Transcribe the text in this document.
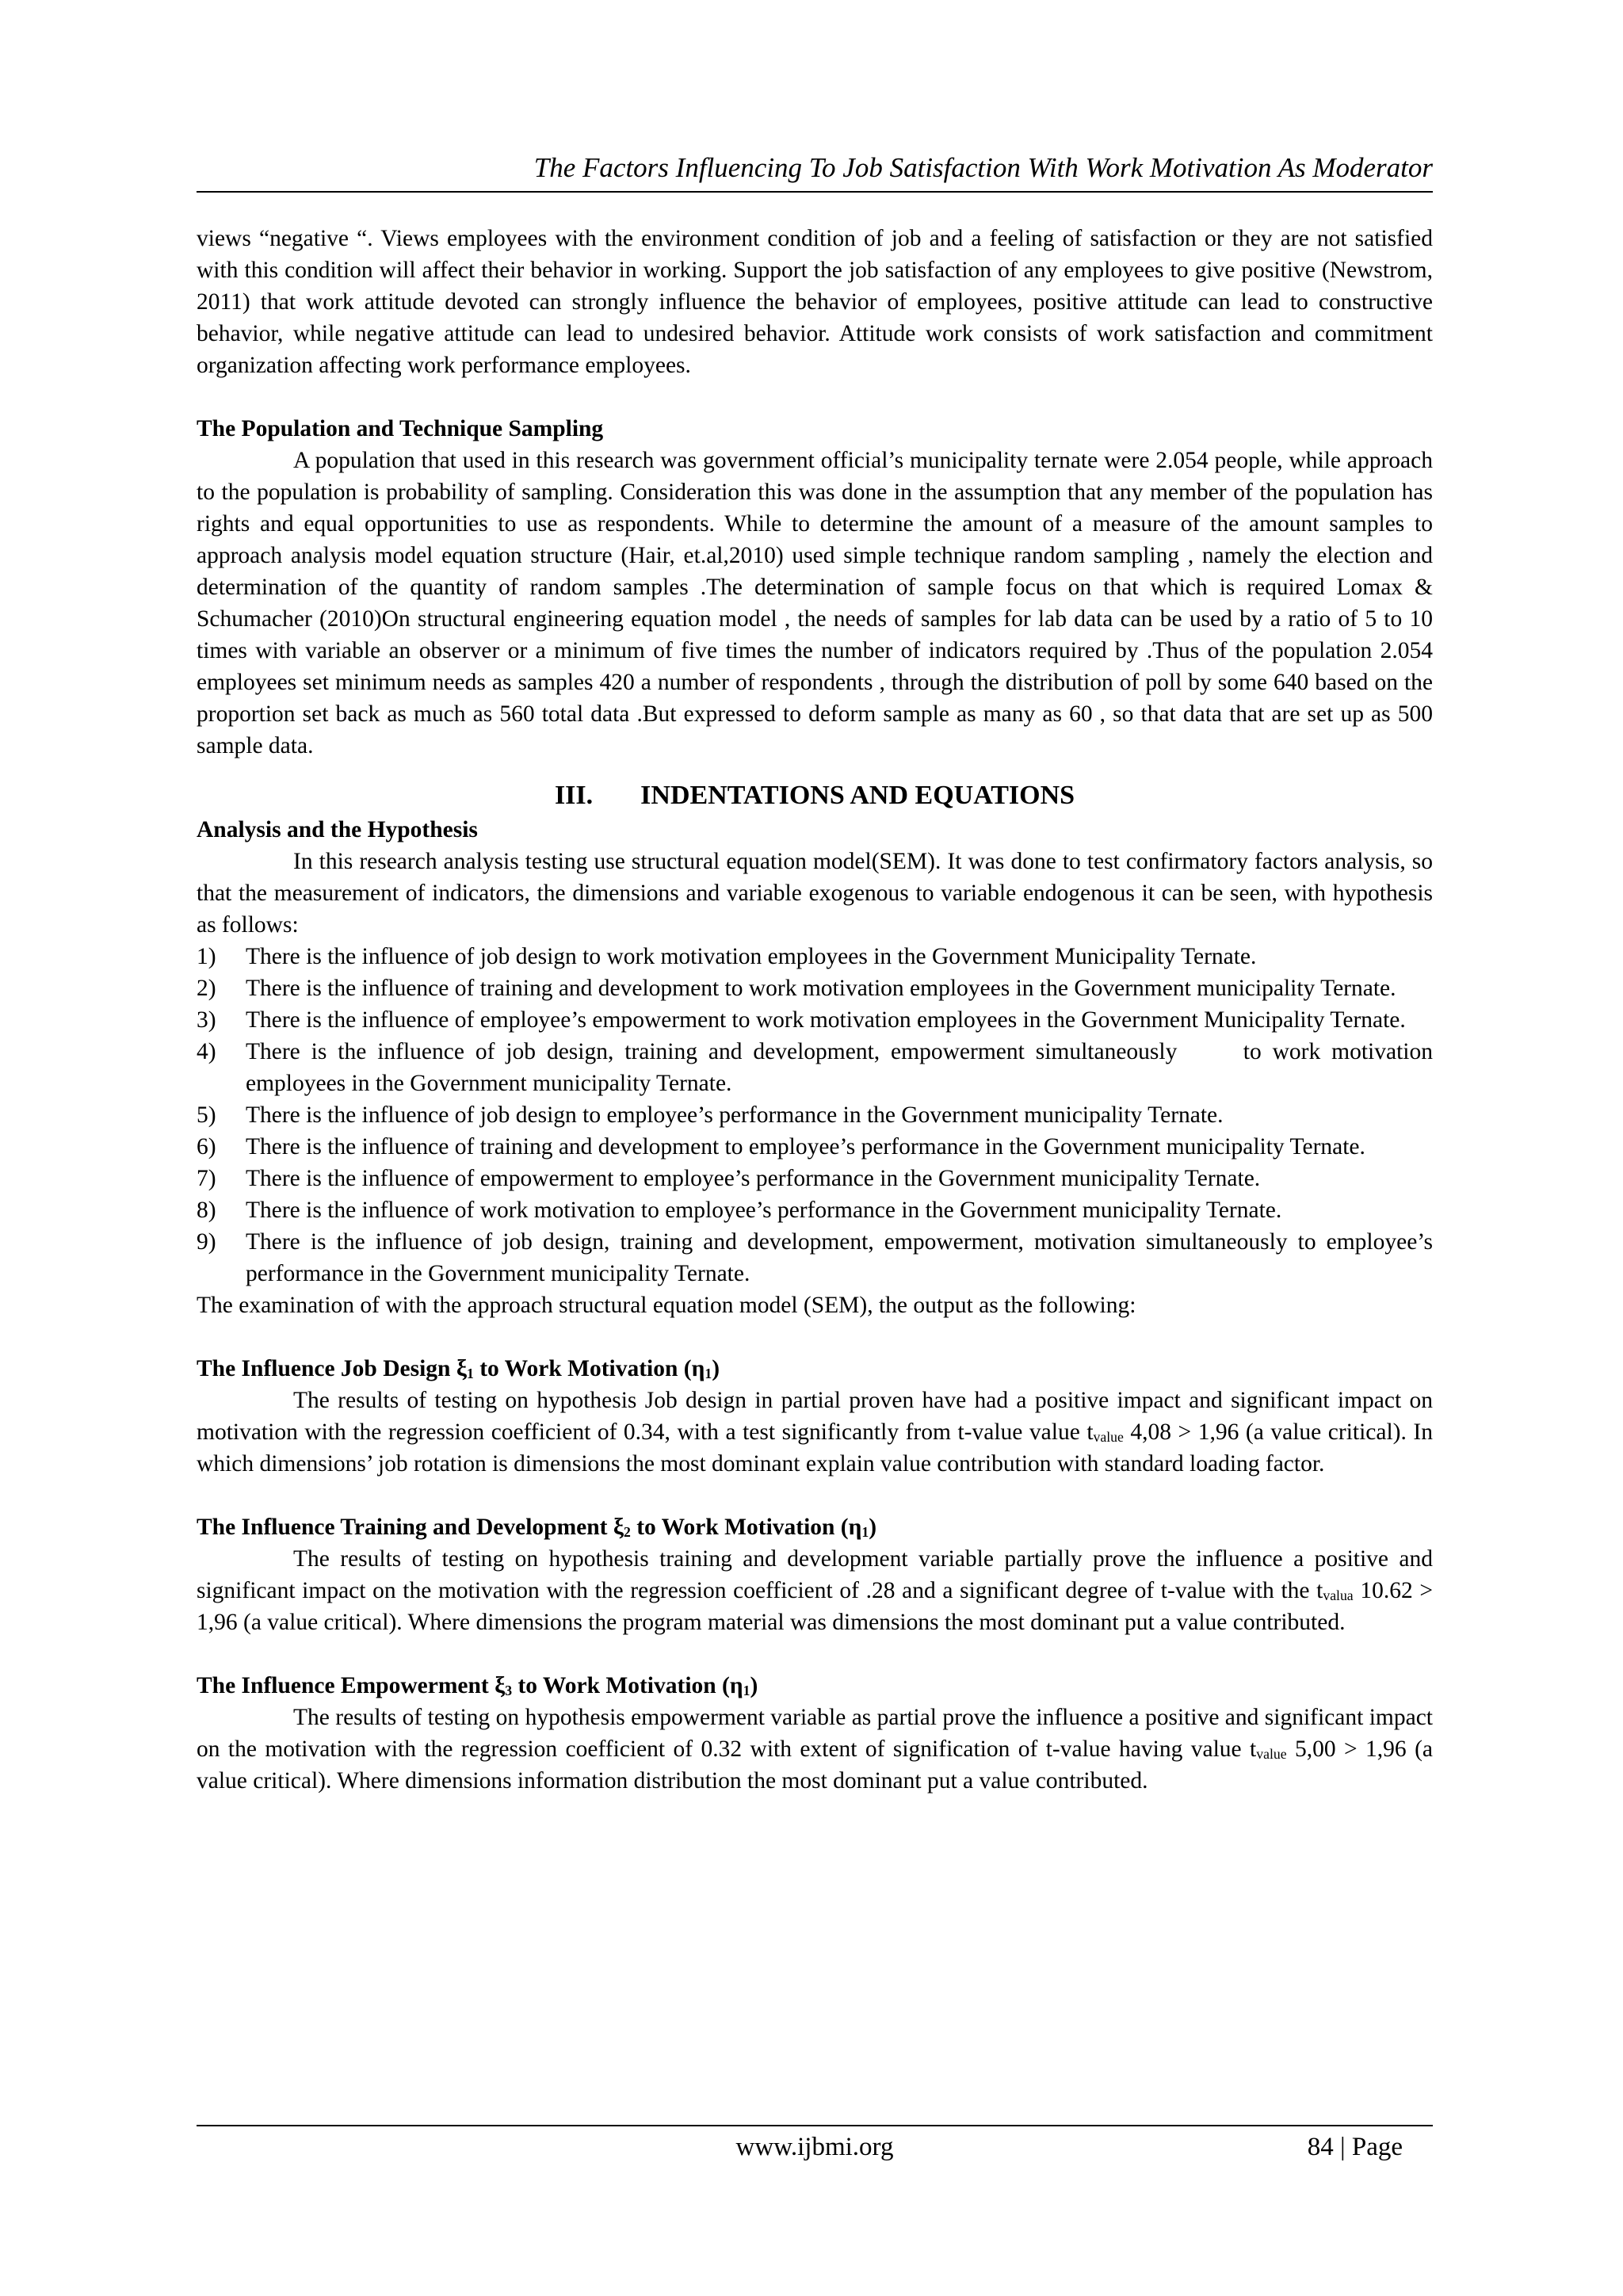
The Factors Influencing To Job Satisfaction With Work Motivation As Moderator

views “negative “. Views employees with the environment condition of job and a feeling of satisfaction or they are not satisfied with this condition will affect their behavior in working. Support the job satisfaction of any employees to give positive (Newstrom, 2011) that work attitude devoted can strongly influence the behavior of employees, positive attitude can lead to constructive behavior, while negative attitude can lead to undesired behavior. Attitude work consists of work satisfaction and commitment organization affecting work performance employees.

The Population and Technique Sampling

A population that used in this research was government official’s municipality ternate were 2.054 people, while approach to the population is probability of sampling. Consideration this was done in the assumption that any member of the population has rights and equal opportunities to use as respondents. While to determine the amount of a measure of the amount samples to approach analysis model equation structure (Hair, et.al,2010) used simple technique random sampling , namely the election and determination of the quantity of random samples .The determination of sample focus on that which is required Lomax & Schumacher (2010)On structural engineering equation model , the needs of samples for lab data can be used by a ratio of 5 to 10 times with variable an observer or a minimum of five times the number of indicators required by .Thus of the population 2.054 employees set minimum needs as samples 420 a number of respondents , through the distribution of poll by some 640 based on the proportion set back as much as 560 total data .But expressed to deform sample as many as 60 , so that data that are set up as 500 sample data.

III. INDENTATIONS AND EQUATIONS

Analysis and the Hypothesis

In this research analysis testing use structural equation model(SEM). It was done to test confirmatory factors analysis, so that the measurement of indicators, the dimensions and variable exogenous to variable endogenous it can be seen, with hypothesis as follows:

1) There is the influence of job design to work motivation employees in the Government Municipality Ternate.
2) There is the influence of training and development to work motivation employees in the Government municipality Ternate.
3) There is the influence of employee’s empowerment to work motivation employees in the Government Municipality Ternate.
4) There is the influence of job design, training and development, empowerment simultaneously      to work motivation employees in the Government municipality Ternate.
5) There is the influence of job design to employee’s performance in the Government municipality Ternate.
6) There is the influence of training and development to employee’s performance in the Government municipality Ternate.
7) There is the influence of empowerment to employee’s performance in the Government municipality Ternate.
8) There is the influence of work motivation to employee’s performance in the Government municipality Ternate.
9) There is the influence of job design, training and development, empowerment, motivation simultaneously to employee’s performance in the Government municipality Ternate.

The examination of with the approach structural equation model (SEM), the output as the following:

The Influence Job Design $\xi_1$ to Work Motivation $(\eta_1)$

The results of testing on hypothesis Job design in partial proven have had a positive impact and significant impact on motivation with the regression coefficient of 0.34, with a test significantly from t-value value $t_{value}$ 4,08 > 1,96 (a value critical). In which dimensions’ job rotation is dimensions the most dominant explain value contribution with standard loading factor.

The Influence Training and Development $\xi_2$ to Work Motivation $(\eta_1)$

The results of testing on hypothesis training and development variable partially prove the influence a positive and significant impact on the motivation with the regression coefficient of .28 and a significant degree of t-value with the $t_{valua}$ 10.62 > 1,96 (a value critical). Where dimensions the program material was dimensions the most dominant put a value contributed.

The Influence Empowerment $\xi_3$ to Work Motivation $(\eta_1)$

The results of testing on hypothesis empowerment variable as partial prove the influence a positive and significant impact on the motivation with the regression coefficient of 0.32 with extent of signification of t-value having value $t_{value}$ 5,00 > 1,96 (a value critical). Where dimensions information distribution the most dominant put a value contributed.

www.ijbmi.org	84 | Page
